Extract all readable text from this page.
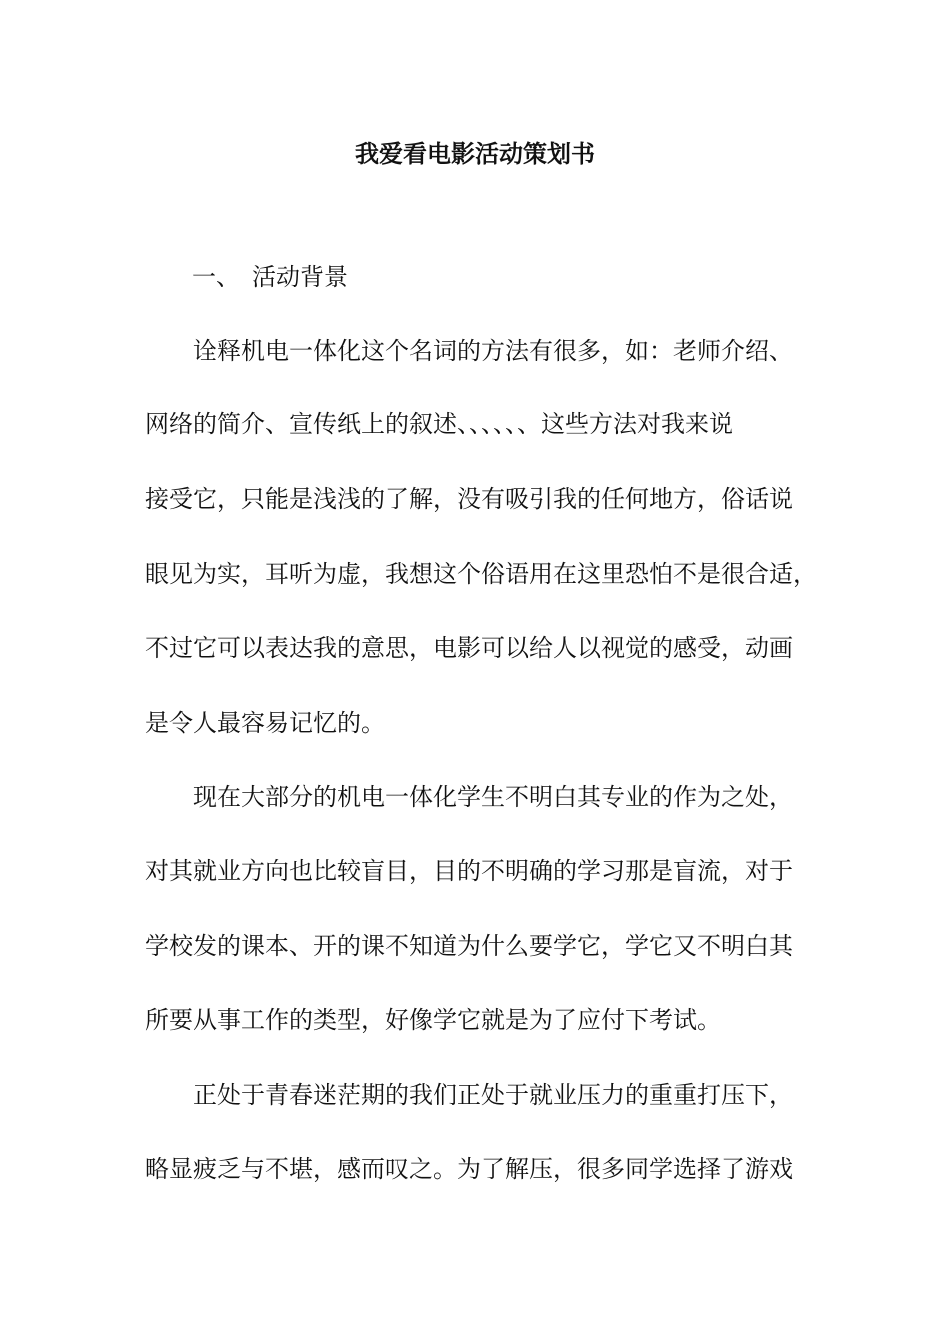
我爱看电影活动策划书
一、 活动背景
诠释机电一体化这个名词的方法有很多，如：老师介绍、
网络的简介、宣传纸上的叙述、、、、、、这些方法对我来说
接受它，只能是浅浅的了解，没有吸引我的任何地方，俗话说
眼见为实，耳听为虚，我想这个俗语用在这里恐怕不是很合适，
不过它可以表达我的意思，电影可以给人以视觉的感受，动画
是令人最容易记忆的。
现在大部分的机电一体化学生不明白其专业的作为之处，
对其就业方向也比较盲目，目的不明确的学习那是盲流，对于
学校发的课本、开的课不知道为什么要学它，学它又不明白其
所要从事工作的类型，好像学它就是为了应付下考试。
正处于青春迷茫期的我们正处于就业压力的重重打压下，
略显疲乏与不堪，感而叹之。为了解压，很多同学选择了游戏
